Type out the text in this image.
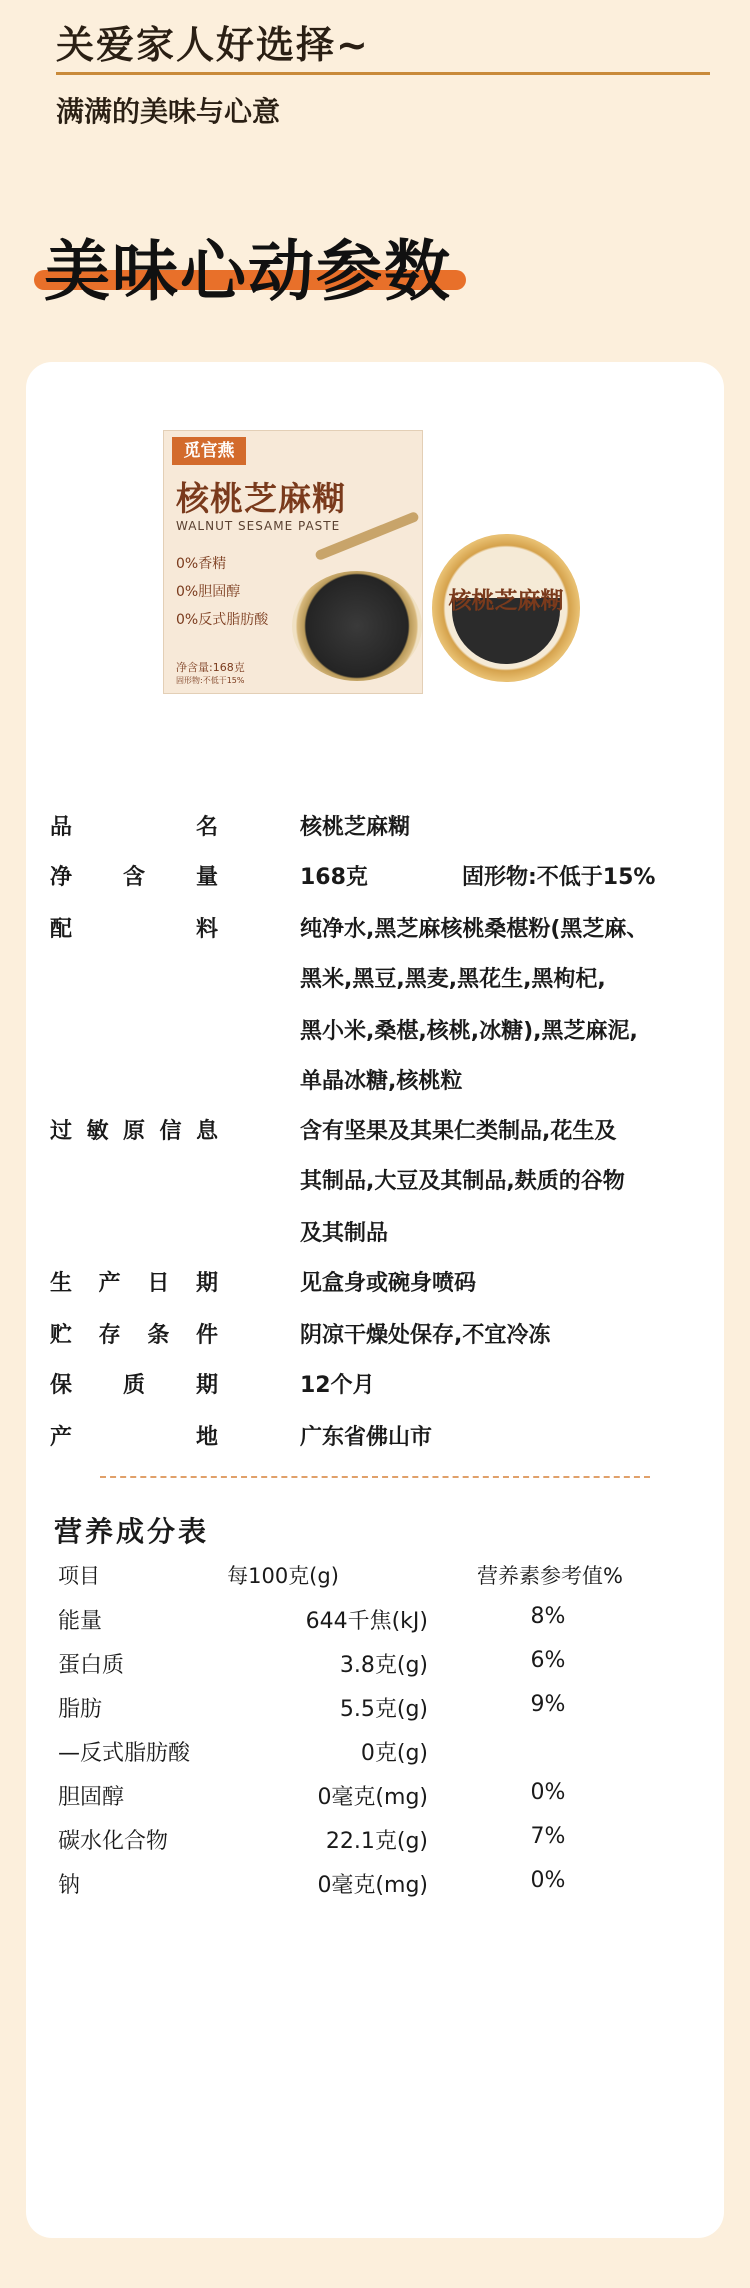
关爱家人好选择~
满满的美味与心意
美味心动参数
觅官燕
核桃芝麻糊
WALNUT SESAME PASTE
0%香精
0%胆固醇
0%反式脂肪酸
净含量:168克
固形物:不低于15%
核桃芝麻糊
品	名	核桃芝麻糊
净 含 量	168克	固形物:不低于15%
配	料	纯净水,黑芝麻核桃桑椹粉(黑芝麻、
黑米,黑豆,黑麦,黑花生,黑枸杞,
黑小米,桑椹,核桃,冰糖),黑芝麻泥,
单晶冰糖,核桃粒
过 敏 原 信 息	含有坚果及其果仁类制品,花生及
其制品,大豆及其制品,麸质的谷物
及其制品
生 产 日 期	见盒身或碗身喷码
贮 存 条 件	阴凉干燥处保存,不宜冷冻
保 质 期	12个月
产	地	广东省佛山市
营养成分表
项目	每100克(g)	营养素参考值%
能量	644千焦(kJ)	8%
蛋白质	3.8克(g)	6%
脂肪	5.5克(g)	9%
—反式脂肪酸	0克(g)
胆固醇	0毫克(mg)	0%
碳水化合物	22.1克(g)	7%
钠	0毫克(mg)	0%
